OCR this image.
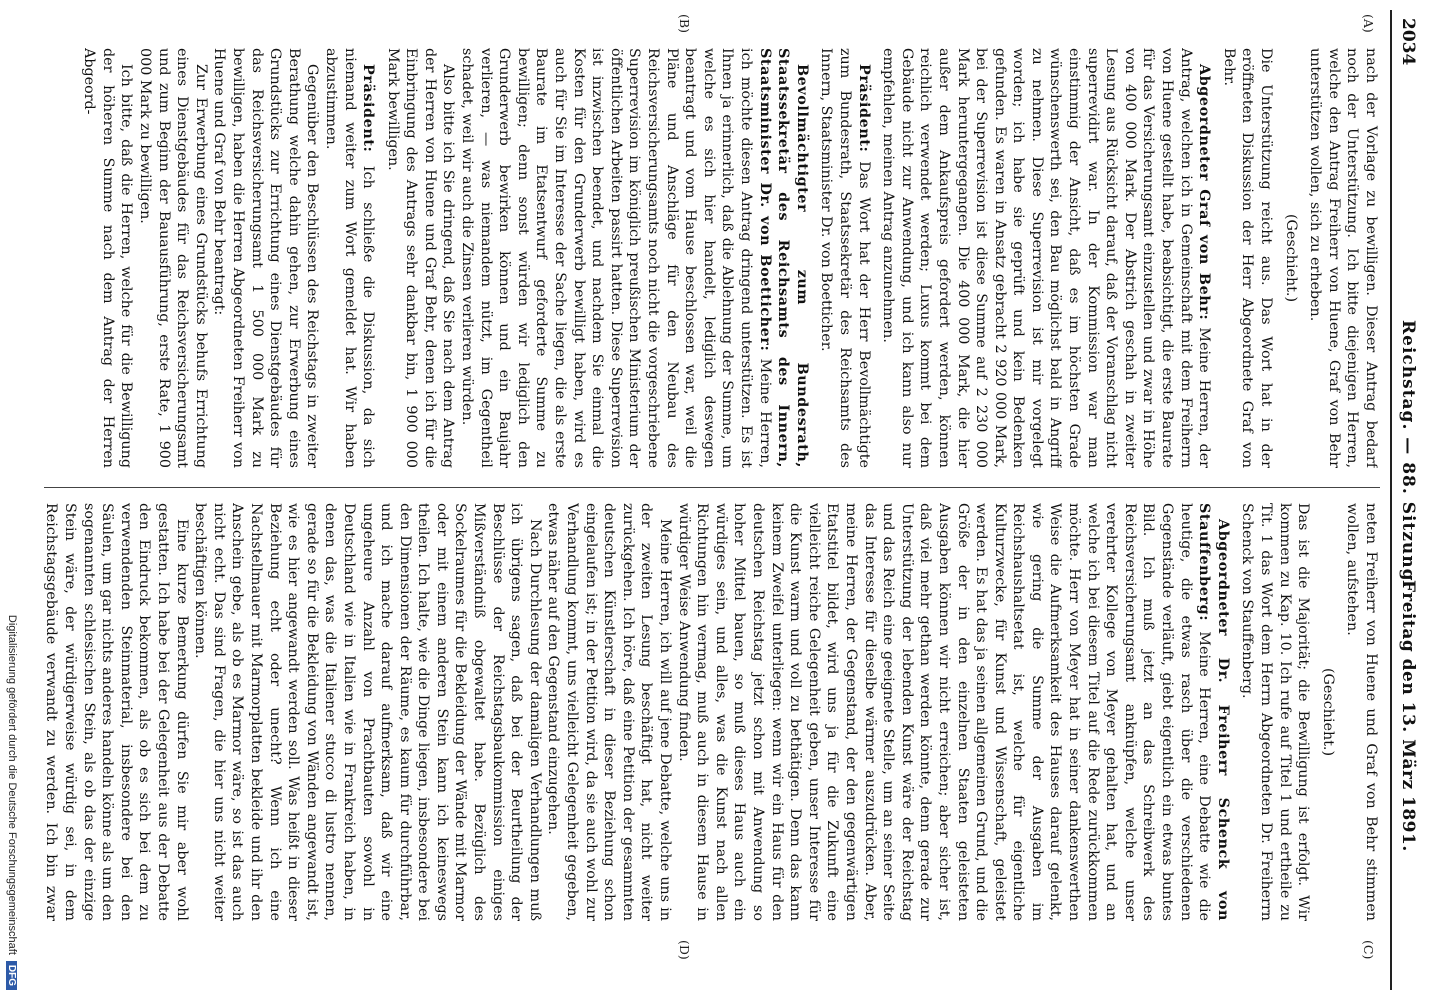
2034
Reichstag. — 88. Sitzung.
Freitag den 13. März 1891.
(A)
(B)
(C)
(D)

nach der Vorlage zu bewilligen. Dieser Antrag bedarf noch der Unterstützung. Ich bitte diejenigen Herren, welche den Antrag Freiherr von Huene, Graf von Behr unterstützen wollen, sich zu erheben.

(Geschieht.)

Die Unterstützung reicht aus. Das Wort hat in der eröffneten Diskussion der Herr Abgeordnete Graf von Behr.

Abgeordneter Graf von Behr: Meine Herren, der Antrag, welchen ich in Gemeinschaft mit dem Freiherrn von Huene gestellt habe, beabsichtigt, die erste Baurate für das Versicherungsamt einzustellen und zwar in Höhe von 400 000 Mark. Der Abstrich geschah in zweiter Lesung aus Rücksicht darauf, daß der Voranschlag nicht superrevidirt war. In der Kommission war man einstimmig der Ansicht, daß es im höchsten Grade wünschenswerth sei, den Bau möglichst bald in Angriff zu nehmen. Diese Superrevision ist mir vorgelegt worden; ich habe sie geprüft und kein Bedenken gefunden. Es waren in Ansatz gebracht 2 920 000 Mark, bei der Superrevision ist diese Summe auf 2 230 000 Mark heruntergegangen. Die 400 000 Mark, die hier außer dem Ankaufspreis gefordert werden, können reichlich verwendet werden; Luxus kommt bei dem Gebäude nicht zur Anwendung, und ich kann also nur empfehlen, meinen Antrag anzunehmen.

Präsident: Das Wort hat der Herr Bevollmächtigte zum Bundesrath, Staatssekretär des Reichsamts des Innern, Staatsminister Dr. von Boetticher.

Bevollmächtigter zum Bundesrath, Staatssekretär des Reichsamts des Innern, Staatsminister Dr. von Boetticher: Meine Herren, ich möchte diesen Antrag dringend unterstützen. Es ist Ihnen ja erinnerlich, daß die Ablehnung der Summe, um welche es sich hier handelt, lediglich deswegen beantragt und vom Hause beschlossen war, weil die Pläne und Anschläge für den Neubau des Reichsversicherungsamts noch nicht die vorgeschriebene Superrevision im königlich preußischen Ministerium der öffentlichen Arbeiten passirt hatten. Diese Superrevision ist inzwischen beendet, und nachdem Sie einmal die Kosten für den Grunderwerb bewilligt haben, wird es auch für Sie im Interesse der Sache liegen, die als erste Baurate im Etatsentwurf geforderte Summe zu bewilligen; denn sonst würden wir lediglich den Grunderwerb bewirken können und ein Baujahr verlieren, — was niemandem nützt, im Gegentheil schadet, weil wir auch die Zinsen verlieren würden.

Also bitte ich Sie dringend, daß Sie nach dem Antrag der Herren von Huene und Graf Behr, denen ich für die Einbringung des Antrags sehr dankbar bin, 1 900 000 Mark bewilligen.

Präsident: Ich schließe die Diskussion, da sich niemand weiter zum Wort gemeldet hat. Wir haben abzustimmen.

Gegenüber den Beschlüssen des Reichstags in zweiter Berathung welche dahin gehen, zur Erwerbung eines Grundstücks zur Errichtung eines Dienstgebäudes für das Reichsversicherungsamt 1 500 000 Mark zu bewilligen, haben die Herren Abgeordneten Freiherr von Huene und Graf von Behr beantragt:

Zur Erwerbung eines Grundstücks behufs Errichtung eines Dienstgebäudes für das Reichsversicherungsamt und zum Beginn der Bauausführung, erste Rate, 1 900 000 Mark zu bewilligen.

Ich bitte, daß die Herren, welche für die Bewilligung der höheren Summe nach dem Antrag der Herren Abgeord-

neten Freiherr von Huene und Graf von Behr stimmen wollen, aufstehen.

(Geschieht.)

Das ist die Majorität; die Bewilligung ist erfolgt. Wir kommen zu Kap. 10. Ich rufe auf Titel 1 und ertheile zu Tit. 1 das Wort dem Herrn Abgeordneten Dr. Freiherrn Schenck von Stauffenberg.

Abgeordneter Dr. Freiherr Schenck von Stauffenberg: Meine Herren, eine Debatte wie die heutige, die etwas rasch über die verschiedenen Gegenstände verläuft, giebt eigentlich ein etwas buntes Bild. Ich muß jetzt an das Schreibwerk des Reichsversicherungsamt anknüpfen, welche unser verehrter Kollege von Meyer gehalten hat, und an welche ich bei diesem Titel auf die Rede zurückkommen möchte. Herr von Meyer hat in seiner dankenswerthen Weise die Aufmerksamkeit des Hauses darauf gelenkt, wie gering die Summe der Ausgaben im Reichshaushaltsetat ist, welche für eigentliche Kulturzwecke, für Kunst und Wissenschaft, geleistet werden. Es hat das ja seinen allgemeinen Grund, und die Größe der in den einzelnen Staaten geleisteten Ausgaben können wir nicht erreichen; aber sicher ist, daß viel mehr gethan werden könnte, denn gerade zur Unterstützung der lebenden Kunst wäre der Reichstag und das Reich eine geeignete Stelle, um an seiner Seite das Interesse für dieselbe wärmer auszudrücken. Aber, meine Herren, der Gegenstand, der den gegenwärtigen Etatstitel bildet, wird uns ja für die Zukunft eine vielleicht reiche Gelegenheit geben, unser Interesse für die Kunst warm und voll zu bethätigen. Denn das kann keinem Zweifel unterliegen: wenn wir ein Haus für den deutschen Reichstag jetzt schon mit Anwendung so hoher Mittel bauen, so muß dieses Haus auch ein würdiges sein, und alles, was die Kunst nach allen Richtungen hin vermag, muß auch in diesem Hause in würdiger Weise Anwendung finden.

Meine Herren, ich will auf jene Debatte, welche uns in der zweiten Lesung beschäftigt hat, nicht weiter zurückgehen. Ich höre, daß eine Petition der gesammten deutschen Künstlerschaft in dieser Beziehung schon eingelaufen ist; in der Petition wird, da sie auch wohl zur Verhandlung kommt, uns vielleicht Gelegenheit gegeben, etwas näher auf den Gegenstand einzugehen.

Nach Durchlesung der damaligen Verhandlungen muß ich übrigens sagen, daß bei der Beurtheilung der Beschlüsse der Reichstagsbaukommission einiges Mißverständniß obgewaltet habe. Bezüglich des Sockelraumes für die Bekleidung der Wände mit Marmor oder mit einem anderen Stein kann ich keineswegs theilen. Ich halte, wie die Dinge liegen, insbesondere bei den Dimensionen der Räume, es kaum für durchführbar, und ich mache darauf aufmerksam, daß wir eine ungeheure Anzahl von Prachtbauten sowohl in Deutschland wie in Italien wie in Frankreich haben, in denen das, was die Italiener stucco di lustro nennen, gerade so für die Bekleidung von Wänden angewandt ist, wie es hier angewandt werden soll. Was heißt in dieser Beziehung echt oder unecht? Wenn ich eine Nachstellmauer mit Marmorplatten bekleide und ihr den Anschein gebe, als ob es Marmor wäre, so ist das auch nicht echt. Das sind Fragen, die hier uns nicht weiter beschäftigen können.

Eine kurze Bemerkung dürfen Sie mir aber wohl gestatten. Ich habe bei der Gelegenheit aus der Debatte den Eindruck bekommen, als ob es sich bei dem zu verwendenden Steinmaterial, insbesondere bei den Säulen, um gar nichts anderes handeln könne als um den sogenannten schlesischen Stein, als ob das der einzige Stein wäre, der würdigerweise würdig sei, in dem Reichstagsgebäude verwandt zu werden. Ich bin zwar

Digitalisierung gefördert durch die Deutsche ForschungsgemeinschaftDFG
